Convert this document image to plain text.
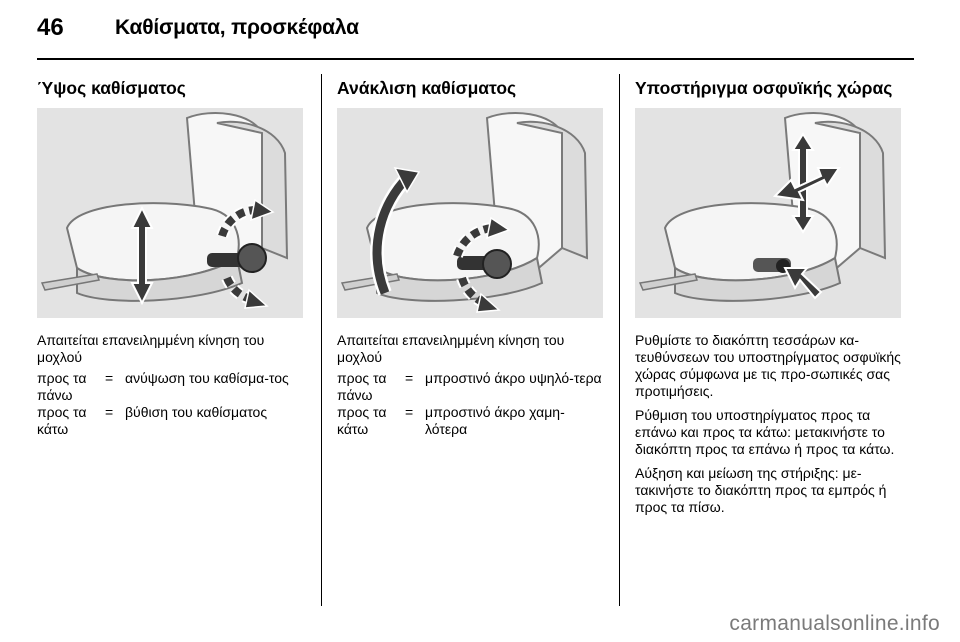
46 Καθίσματα, προσκέφαλα
Ύψος καθίσματος

Απαιτείται επανειλημμένη κίνηση του μοχλού

προς τα πάνω
= ανύψωση του καθίσμα-τος
προς τα κάτω
= βύθιση του καθίσματος
Ανάκλιση καθίσματος

Απαιτείται επανειλημμένη κίνηση του μοχλού

προς τα πάνω
= μπροστινό άκρο υψηλό-τερα
προς τα κάτω
= μπροστινό άκρο χαμη-λότερα
Υποστήριγμα οσφυϊκής χώρας

Ρυθμίστε το διακόπτη τεσσάρων κα-τευθύνσεων του υποστηρίγματος οσφυϊκής χώρας σύμφωνα με τις προ-σωπικές σας προτιμήσεις.

Ρύθμιση του υποστηρίγματος προς τα επάνω και προς τα κάτω: μετακινήστε το διακόπτη προς τα επάνω ή προς τα κάτω.

Αύξηση και μείωση της στήριξης: με-τακινήστε το διακόπτη προς τα εμπρός ή προς τα πίσω.

carmanualsonline.info
